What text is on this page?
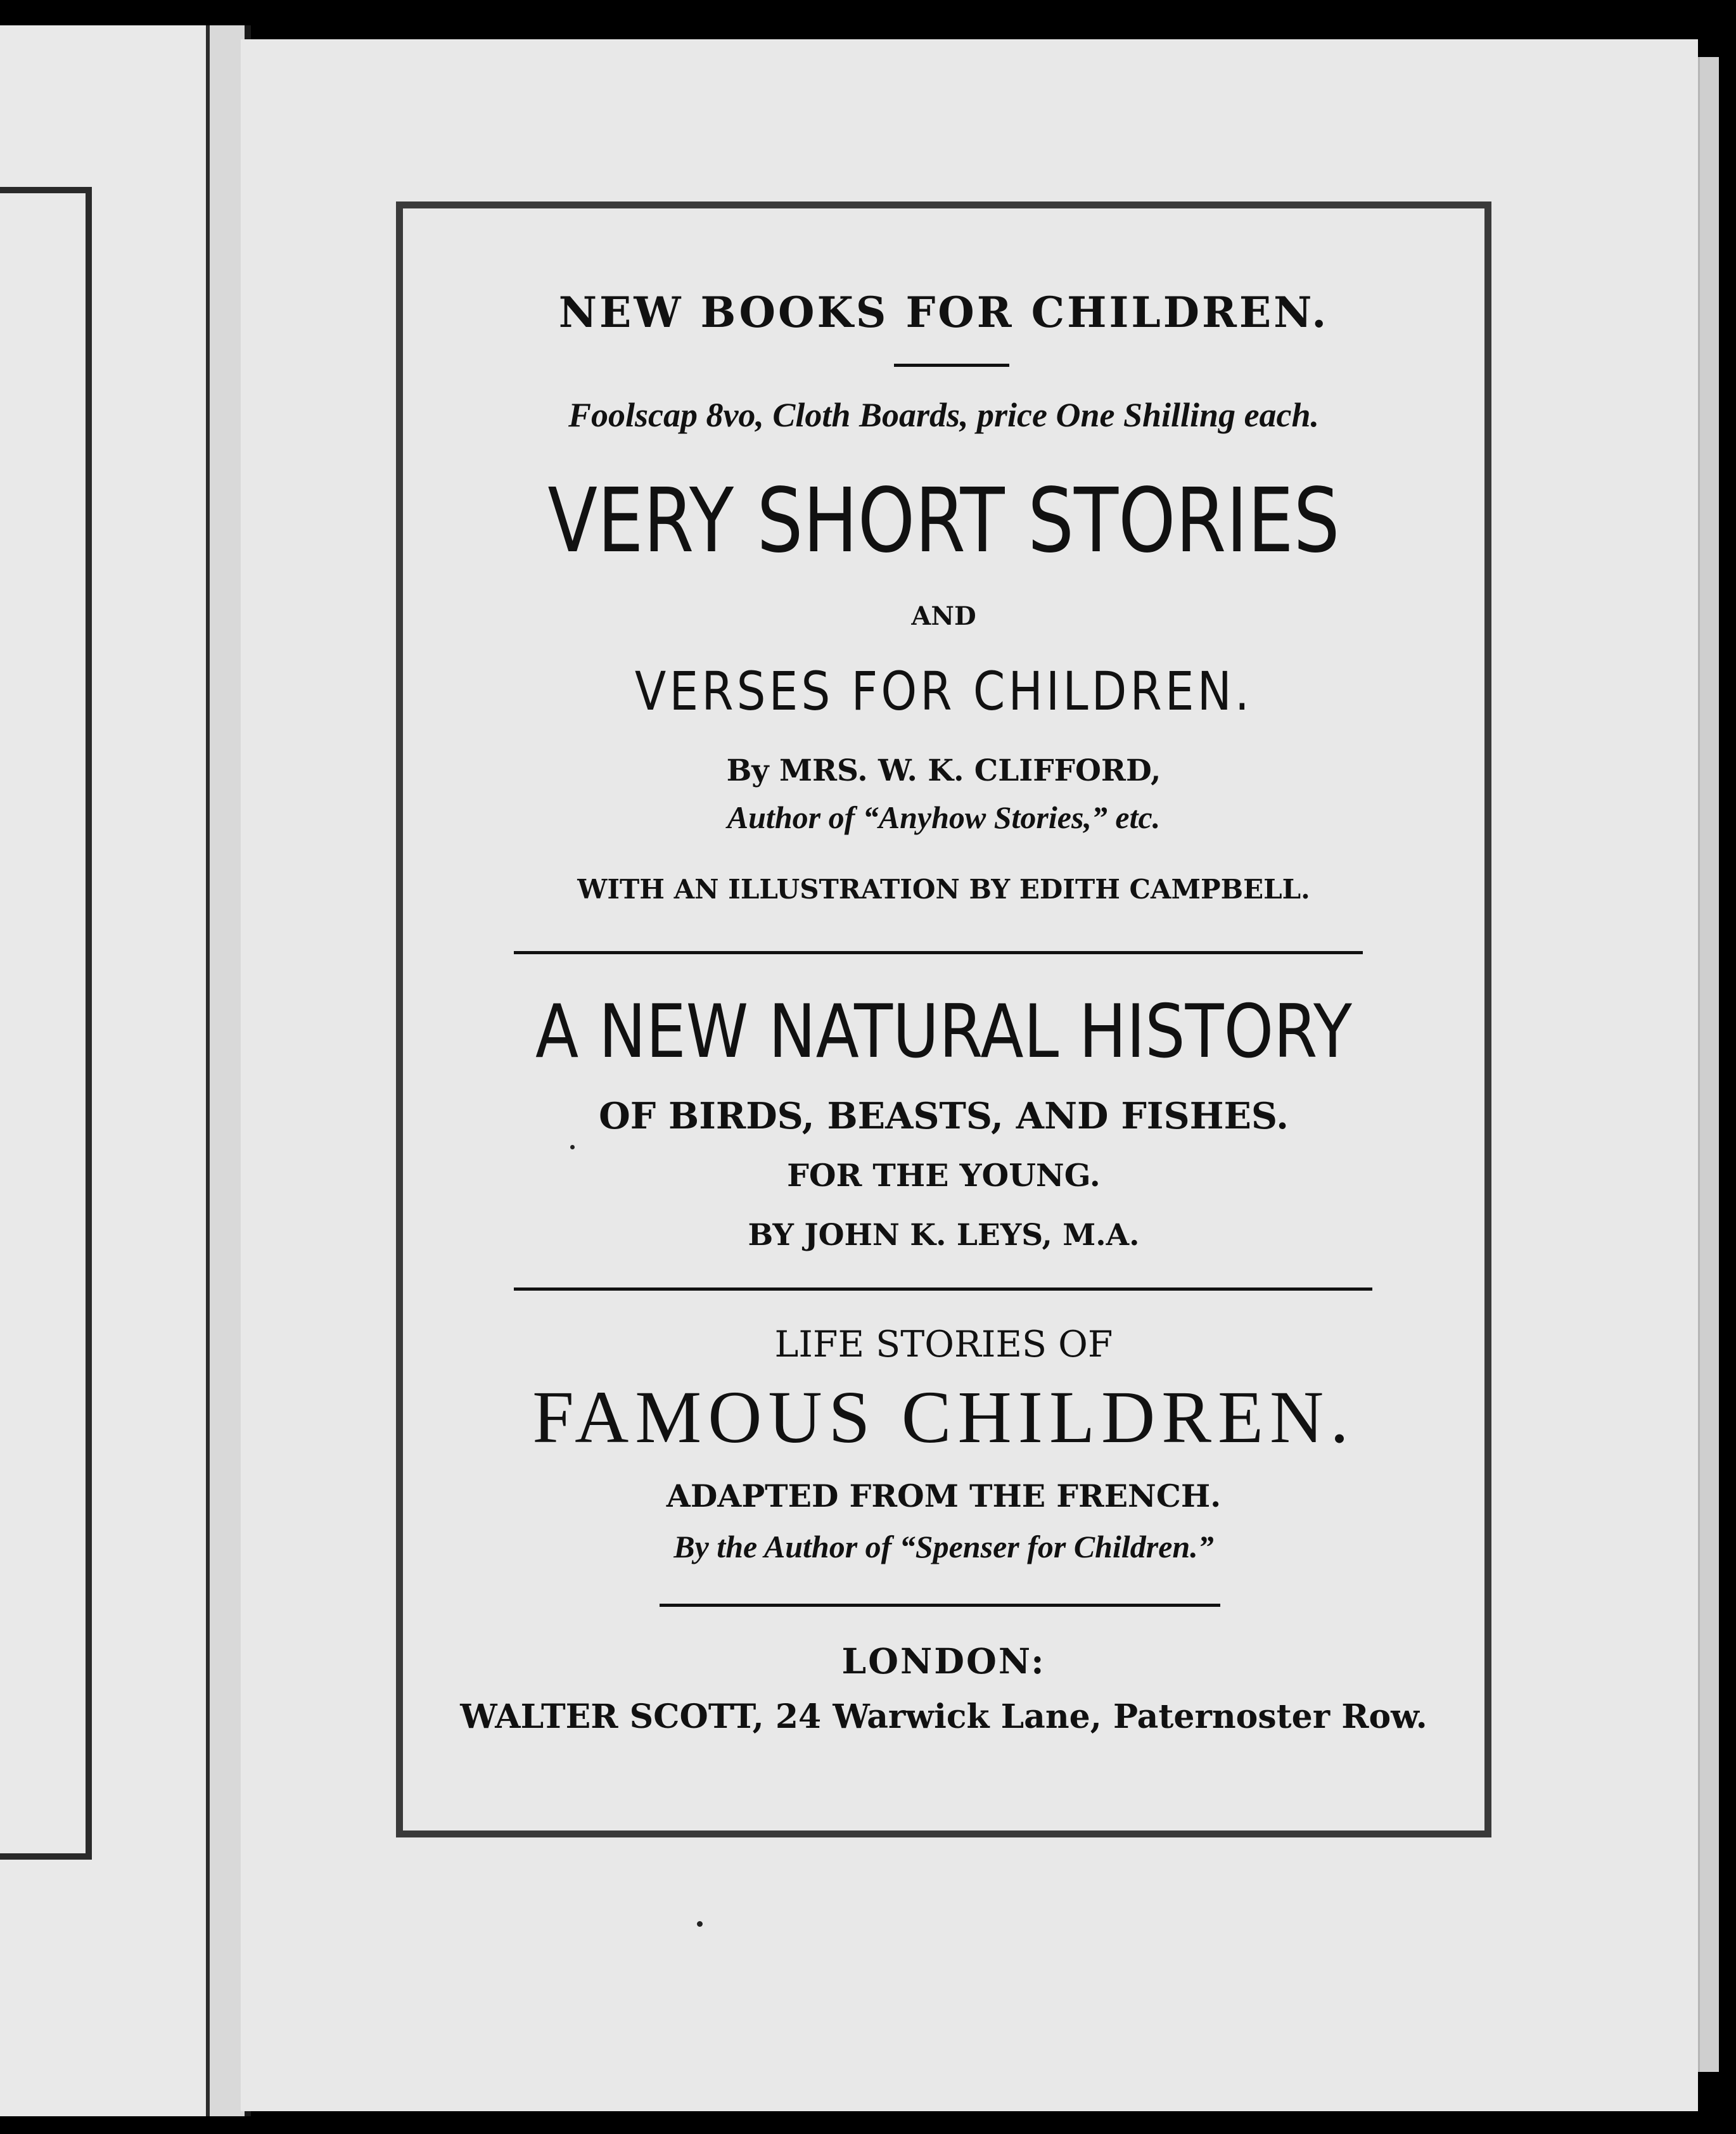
NEW BOOKS FOR CHILDREN.
Foolscap 8vo, Cloth Boards, price One Shilling each.
VERY SHORT STORIES
AND
VERSES FOR CHILDREN.
By MRS. W. K. CLIFFORD,
Author of “Anyhow Stories,” etc.
WITH AN ILLUSTRATION BY EDITH CAMPBELL.
A NEW NATURAL HISTORY
OF BIRDS, BEASTS, AND FISHES.
FOR THE YOUNG.
BY JOHN K. LEYS, M.A.
LIFE STORIES OF
FAMOUS CHILDREN.
ADAPTED FROM THE FRENCH.
By the Author of “Spenser for Children.”
LONDON:
WALTER SCOTT, 24 Warwick Lane, Paternoster Row.
